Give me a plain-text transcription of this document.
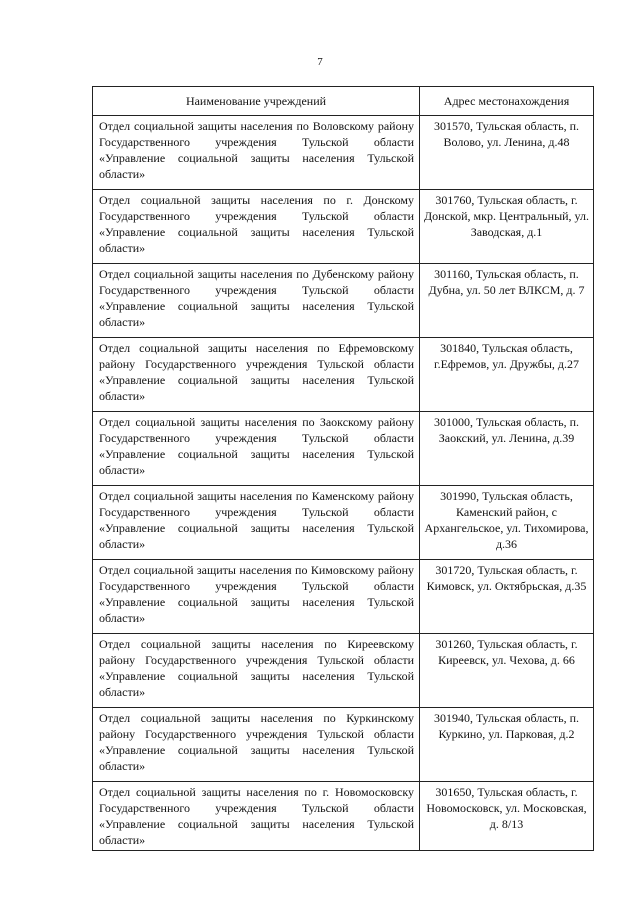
7
Наименование учреждений	Адрес местонахождения
Отдел социальной защиты населения по Воловскому району Государственного учреждения Тульской области «Управление социальной защиты населения Тульской области»	301570, Тульская область, п. Волово, ул. Ленина, д.48
Отдел социальной защиты населения по г. Донскому Государственного учреждения Тульской области «Управление социальной защиты населения Тульской области»	301760, Тульская область, г. Донской, мкр. Центральный, ул. Заводская, д.1
Отдел социальной защиты населения по Дубенскому району Государственного учреждения Тульской области «Управление социальной защиты населения Тульской области»	301160, Тульская область, п. Дубна, ул. 50 лет ВЛКСМ, д. 7
Отдел социальной защиты населения по Ефремовскому району Государственного учреждения Тульской области «Управление социальной защиты населения Тульской области»	301840, Тульская область, г.Ефремов, ул. Дружбы, д.27
Отдел социальной защиты населения по Заокскому району Государственного учреждения Тульской области «Управление социальной защиты населения Тульской области»	301000, Тульская область, п. Заокский, ул. Ленина, д.39
Отдел социальной защиты населения по Каменскому району Государственного учреждения Тульской области «Управление социальной защиты населения Тульской области»	301990, Тульская область, Каменский район, с Архангельское, ул. Тихомирова, д.36
Отдел социальной защиты населения по Кимовскому району Государственного учреждения Тульской области «Управление социальной защиты населения Тульской области»	301720, Тульская область, г. Кимовск, ул. Октябрьская, д.35
Отдел социальной защиты населения по Киреевскому району Государственного учреждения Тульской области «Управление социальной защиты населения Тульской области»	301260, Тульская область, г. Киреевск, ул. Чехова, д. 66
Отдел социальной защиты населения по Куркинскому району Государственного учреждения Тульской области «Управление социальной защиты населения Тульской области»	301940, Тульская область, п. Куркино, ул. Парковая, д.2
Отдел социальной защиты населения по г. Новомосковску Государственного учреждения Тульской области «Управление социальной защиты населения Тульской области»	301650, Тульская область, г. Новомосковск, ул. Московская, д. 8/13
